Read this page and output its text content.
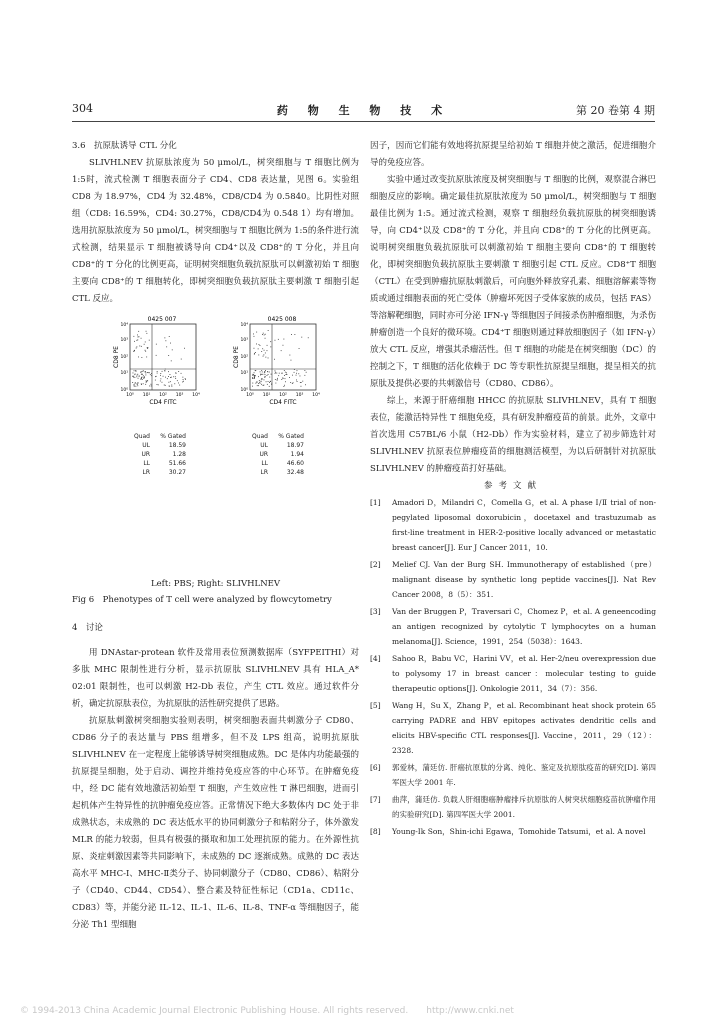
304	药 物 生 物 技 术	第 20 卷第 4 期

3.6　抗原肽诱导 CTL 分化

SLIVHLNEV 抗原肽浓度为 50 μmol/L，树突细胞与 T 细胞比例为 1:5时，流式检测 T 细胞表面分子 CD4、CD8 表达量，见图 6。实验组 CD8 为 18.97%，CD4 为 32.48%，CD8/CD4 为 0.5840。比阴性对照组（CD8: 16.59%，CD4: 30.27%，CD8/CD4为 0.548 1）均有增加。选用抗原肽浓度为 50 μmol/L，树突细胞与 T 细胞比例为 1:5的条件进行流式检测，结果显示 T 细胞被诱导向 CD4⁺以及 CD8⁺的 T 分化，并且向 CD8⁺的 T 分化的比例更高，证明树突细胞负载抗原肽可以刺激初始 T 细胞主要向 CD8⁺的 T 细胞转化，即树突细胞负载抗原肽主要刺激 T 细胞引起 CTL 反应。

0425 007
CD8 PE
CD4 FITC
10⁰ 10¹ 10² 10³ 10⁴
10⁰
10¹
10²
10³
10⁴
0425 008
CD8 PE
CD4 FITC
10⁰ 10¹ 10² 10³ 10⁴
10⁰
10¹
10²
10³
10⁴
Quad	% Gated
UL	18.59
UR	1.28
LL	51.66
LR	30.27
Quad	% Gated
UL	18.97
UR	1.94
LL	46.60
LR	32.48
Left: PBS; Right: SLIVHLNEV
Fig 6　Phenotypes of T cell were analyzed by flowcytometry

4　讨论

用 DNAstar-protean 软件及常用表位预测数据库（SYFPEITHI）对多肽 MHC 限制性进行分析，显示抗原肽 SLIVHLNEV 具有 HLA_A* 02:01 限制性，也可以刺激 H2-Db 表位，产生 CTL 效应。通过软件分析，确定抗原肽表位，为抗原肽的活性研究提供了思路。

抗原肽刺激树突细胞实验则表明，树突细胞表面共刺激分子 CD80、CD86 分子的表达量与 PBS 组增多，但不及 LPS 组高，说明抗原肽 SLIVHLNEV 在一定程度上能够诱导树突细胞成熟。DC 是体内功能最强的抗原提呈细胞，处于启动、调控并维持免疫应答的中心环节。在肿瘤免疫中，经 DC 能有效地激活初始型 T 细胞，产生效应性 T 淋巴细胞，进而引起机体产生特异性的抗肿瘤免疫应答。正常情况下绝大多数体内 DC 处于非成熟状态，未成熟的 DC 表达低水平的协同刺激分子和粘附分子，体外激发 MLR 的能力较弱，但具有极强的摄取和加工处理抗原的能力。在外源性抗原、炎症刺激因素等共同影响下，未成熟的 DC 逐渐成熟。成熟的 DC 表达高水平 MHC-Ⅰ、MHC-Ⅱ类分子、协同刺激分子（CD80、CD86）、粘附分子（CD40、CD44、CD54）、整合素及特征性标记（CD1a、CD11c、CD83）等，并能分泌 IL-12、IL-1、IL-6、IL-8、TNF-α 等细胞因子，能分泌 Th1 型细胞

因子，因而它们能有效地将抗原提呈给初始 T 细胞并使之激活，促进细胞介导的免疫应答。

实验中通过改变抗原肽浓度及树突细胞与 T 细胞的比例，观察混合淋巴细胞反应的影响。确定最佳抗原肽浓度为 50 μmol/L，树突细胞与 T 细胞最佳比例为 1:5。通过流式检测，观察 T 细胞经负载抗原肽的树突细胞诱导，向 CD4⁺以及 CD8⁺的 T 分化，并且向 CD8⁺的 T 分化的比例更高。说明树突细胞负载抗原肽可以刺激初始 T 细胞主要向 CD8⁺的 T 细胞转化，即树突细胞负载抗原肽主要刺激 T 细胞引起 CTL 反应。CD8⁺T 细胞（CTL）在受到肿瘤抗原肽刺激后，可向胞外释放穿孔素、细胞溶解素等物质或通过细胞表面的死亡受体（肿瘤坏死因子受体家族的成员，包括 FAS）等溶解靶细胞，同时亦可分泌 IFN-γ 等细胞因子间接杀伤肿瘤细胞，为杀伤肿瘤创造一个良好的微环境。CD4⁺T 细胞则通过释放细胞因子（如 IFN-γ）放大 CTL 反应，增强其杀瘤活性。但 T 细胞的功能是在树突细胞（DC）的控制之下，T 细胞的活化依赖于 DC 等专职性抗原提呈细胞，提呈相关的抗原肽及提供必要的共刺激信号（CD80、CD86）。

综上，来源于肝癌细胞 HHCC 的抗原肽 SLIVHLNEV，具有 T 细胞表位，能激活特异性 T 细胞免疫，具有研发肿瘤疫苗的前景。此外，文章中首次选用 C57BL/6 小鼠（H2-Db）作为实验材料，建立了初步筛选针对 SLIVHLNEV 抗原表位肿瘤疫苗的细胞测活模型，为以后研制针对抗原肽 SLIVHLNEV 的肿瘤疫苗打好基础。

参考文献

[1]	Amadori D，Milandri C，Comella G，et al. A phase Ⅰ/Ⅱ trial of non-pegylated liposomal doxorubicin，docetaxel and trastuzumab as first-line treatment in HER-2-positive locally advanced or metastatic breast cancer[J]. Eur J Cancer 2011，10.
[2]	Melief CJ. Van der Burg SH. Immunotherapy of established（pre）malignant disease by synthetic long peptide vaccines[J]. Nat Rev Cancer 2008，8（5）：351.
[3]	Van der Bruggen P，Traversari C，Chomez P，et al. A geneencoding an antigen recognized by cytolytic T lymphocytes on a human melanoma[J]. Science，1991，254（5038）：1643.
[4]	Sahoo R，Babu VC，Harini VV，et al. Her-2/neu overexpression due to polysomy 17 in breast cancer：molecular testing to guide therapeutic options[J]. Onkologie 2011，34（7）：356.
[5]	Wang H，Su X，Zhang P，et al. Recombinant heat shock protein 65 carrying PADRE and HBV epitopes activates dendritic cells and elicits HBV-specific CTL responses[J]. Vaccine，2011，29（12）：2328.
[6]	郭爱林，蒲廷仿. 肝癌抗原肽的分离、纯化、鉴定及抗原肽疫苗的研究[D]. 第四军医大学 2001 年.
[7]	曲萍，蒲廷仿. 负载人肝细胞癌肿瘤排斥抗原肽的人树突状细胞疫苗抗肿瘤作用的实验研究[D]. 第四军医大学 2001.
[8]	Young-Ik Son，Shin-ichi Egawa，Tomohide Tatsumi，et al. A novel
© 1994-2013 China Academic Journal Electronic Publishing House. All rights reserved.　　http://www.cnki.net
